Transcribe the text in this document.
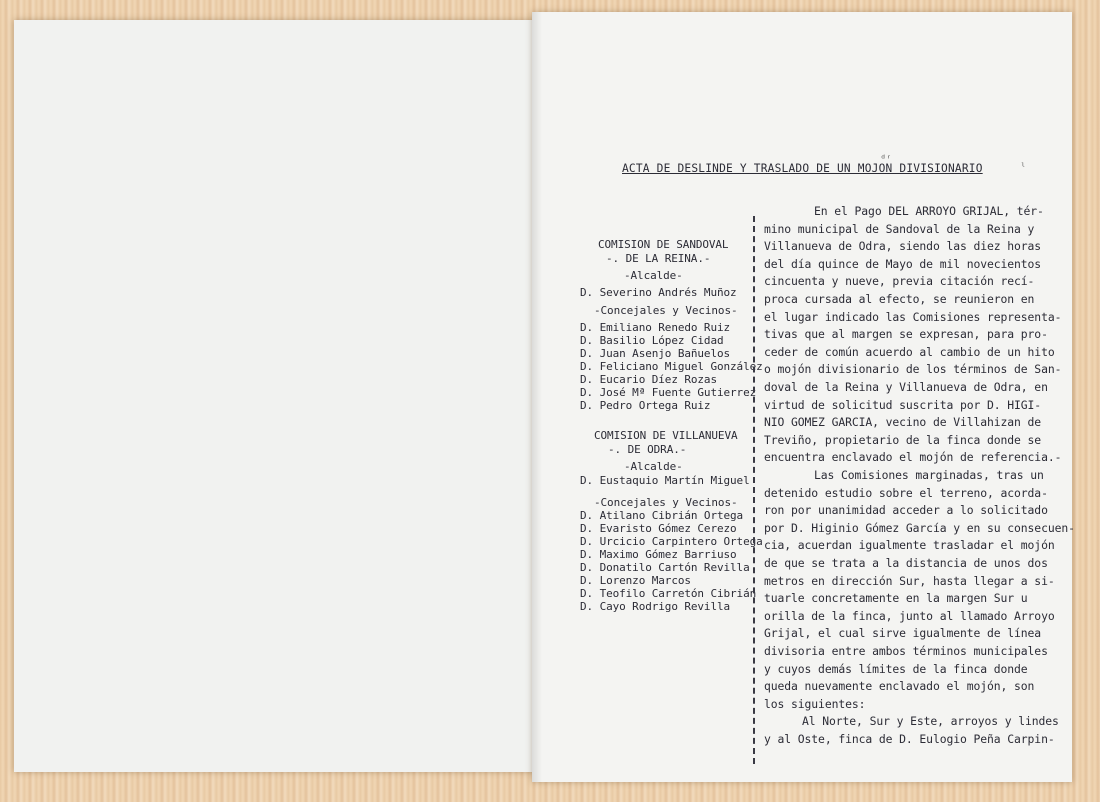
ᵈʳ
ˡ
ACTA DE DESLINDE Y TRASLADO DE UN MOJON DIVISIONARIO
COMISION DE SANDOVAL
-. DE LA REINA.-
-Alcalde-
D. Severino Andrés Muñoz
-Concejales y Vecinos-
D. Emiliano Renedo Ruiz
D. Basilio López Cidad
D. Juan Asenjo Bañuelos
D. Feliciano Miguel González
D. Eucario Díez Rozas
D. José Mª Fuente Gutierrez
D. Pedro Ortega Ruiz
COMISION DE VILLANUEVA
-. DE ODRA.-
-Alcalde-
D. Eustaquio Martín Miguel
-Concejales y Vecinos-
D. Atilano Cibrián Ortega
D. Evaristo Gómez Cerezo
D. Urcicio Carpintero Ortega
D. Maximo Gómez Barriuso
D. Donatilo Cartón Revilla
D. Lorenzo Marcos
D. Teofilo Carretón Cibrián
D. Cayo Rodrigo Revilla
En el Pago DEL ARROYO GRIJAL, tér-
mino municipal de Sandoval de la Reina y
Villanueva de Odra, siendo las diez horas
del día quince de Mayo de mil novecientos
cincuenta y nueve, previa citación recí-
proca cursada al efecto, se reunieron en
el lugar indicado las Comisiones representa-
tivas que al margen se expresan, para pro-
ceder de común acuerdo al cambio de un hito
o mojón divisionario de los términos de San-
doval de la Reina y Villanueva de Odra, en
virtud de solicitud suscrita por D. HIGI-
NIO GOMEZ GARCIA, vecino de Villahizan de
Treviño, propietario de la finca donde se
encuentra enclavado el mojón de referencia.-
Las Comisiones marginadas, tras un
detenido estudio sobre el terreno, acorda-
ron por unanimidad acceder a lo solicitado
por D. Higinio Gómez García y en su consecuen-
cia, acuerdan igualmente trasladar el mojón
de que se trata a la distancia de unos dos
metros en dirección Sur, hasta llegar a si-
tuarle concretamente en la margen Sur u
orilla de la finca, junto al llamado Arroyo
Grijal, el cual sirve igualmente de línea
divisoria entre ambos términos municipales
y cuyos demás límites de la finca donde
queda nuevamente enclavado el mojón, son
los siguientes:
Al Norte, Sur y Este, arroyos y lindes
y al Oste, finca de D. Eulogio Peña Carpin-
